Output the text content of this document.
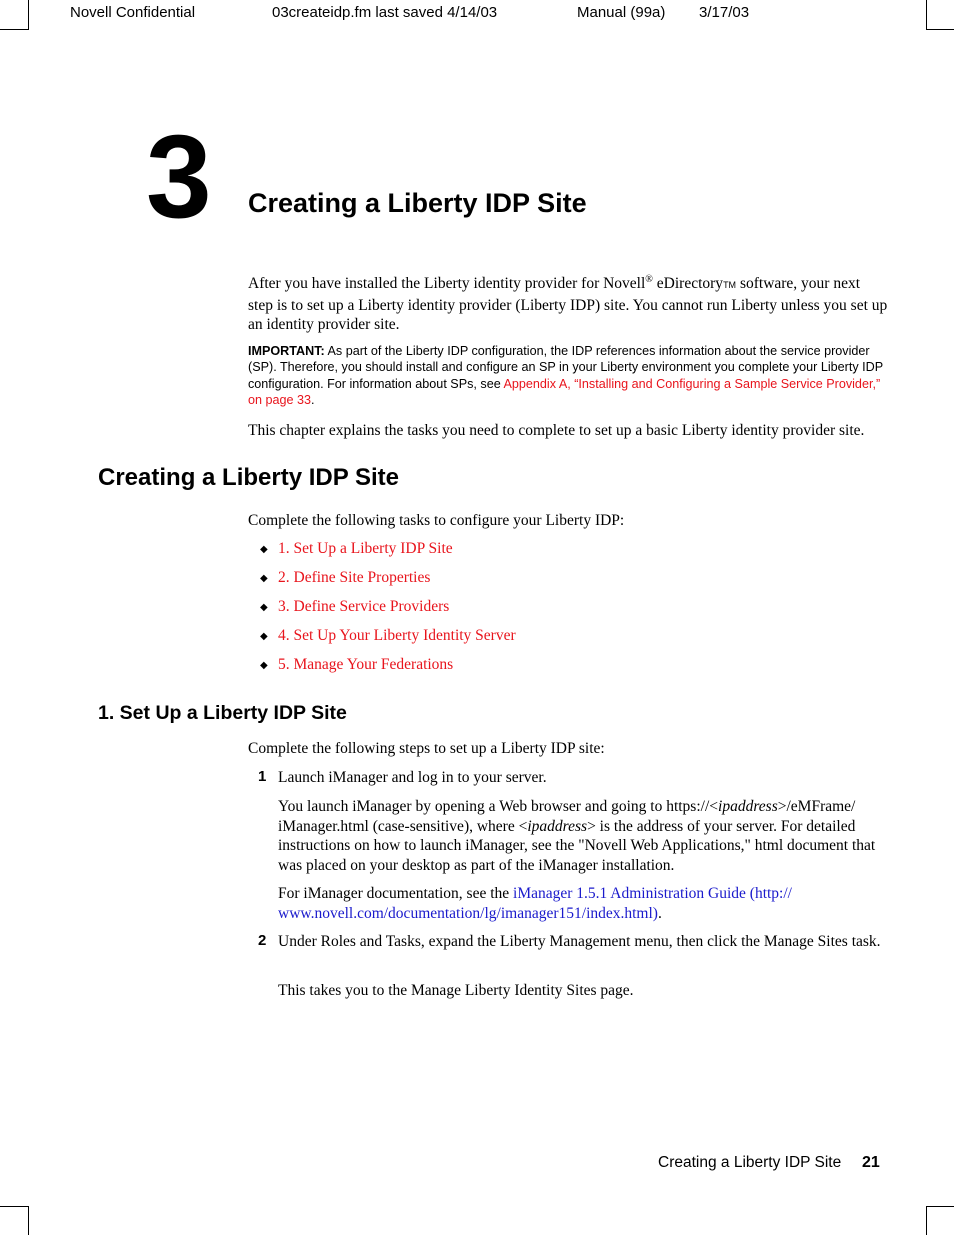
Novell Confidential	03createidp.fm last saved 4/14/03	Manual (99a) 3/17/03
3 Creating a Liberty IDP Site

After you have installed the Liberty identity provider for Novell® eDirectoryTM software, your next step is to set up a Liberty identity provider (Liberty IDP) site. You cannot run Liberty unless you set up an identity provider site.

IMPORTANT: As part of the Liberty IDP configuration, the IDP references information about the service provider (SP). Therefore, you should install and configure an SP in your Liberty environment you complete your Liberty IDP configuration. For information about SPs, see Appendix A, “Installing and Configuring a Sample Service Provider,” on page 33.

This chapter explains the tasks you need to complete to set up a basic Liberty identity provider site.

Creating a Liberty IDP Site

Complete the following tasks to configure your Liberty IDP:

◆ 1. Set Up a Liberty IDP Site
◆ 2. Define Site Properties
◆ 3. Define Service Providers
◆ 4. Set Up Your Liberty Identity Server
◆ 5. Manage Your Federations
1. Set Up a Liberty IDP Site

Complete the following steps to set up a Liberty IDP site:

1 Launch iManager and log in to your server.

You launch iManager by opening a Web browser and going to https://<ipaddress>/eMFrame/ iManager.html (case-sensitive), where <ipaddress> is the address of your server. For detailed instructions on how to launch iManager, see the "Novell Web Applications," html document that was placed on your desktop as part of the iManager installation.

For iManager documentation, see the iManager 1.5.1 Administration Guide (http:// www.novell.com/documentation/lg/imanager151/index.html).

2 Under Roles and Tasks, expand the Liberty Management menu, then click the Manage Sites task.

This takes you to the Manage Liberty Identity Sites page.

Creating a Liberty IDP Site 21
